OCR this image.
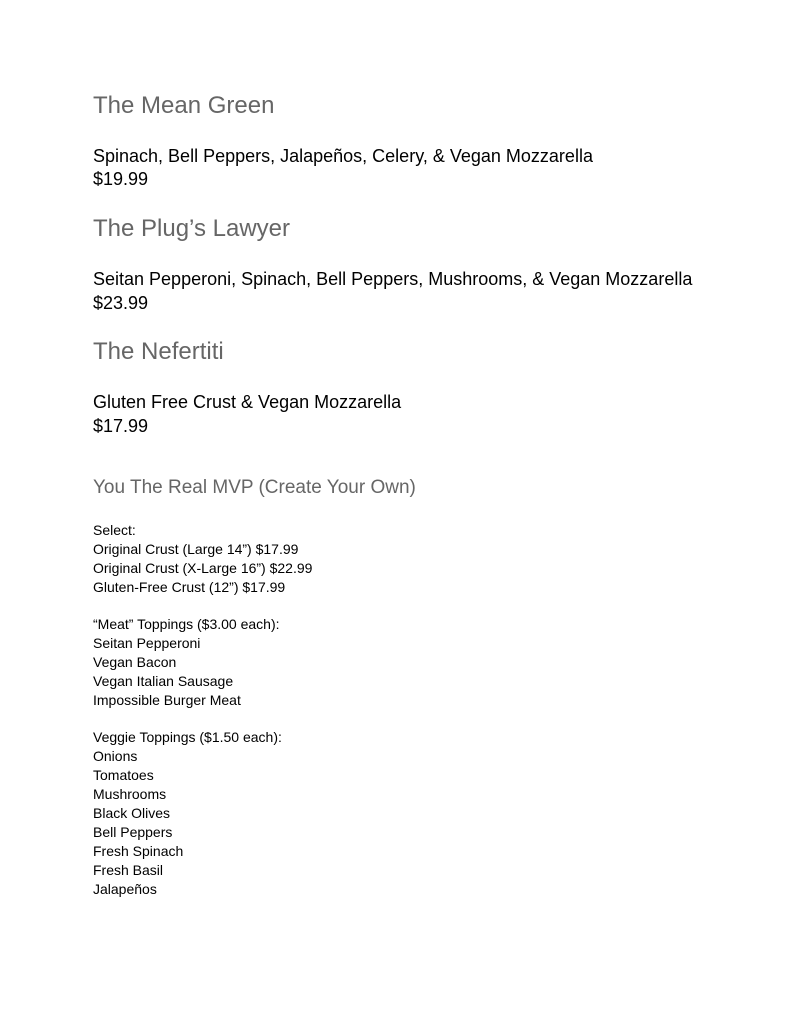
The Mean Green
Spinach, Bell Peppers, Jalapeños, Celery, & Vegan Mozzarella
$19.99
The Plug’s Lawyer
Seitan Pepperoni, Spinach, Bell Peppers, Mushrooms, & Vegan Mozzarella
$23.99
The Nefertiti
Gluten Free Crust & Vegan Mozzarella
$17.99
You The Real MVP (Create Your Own)
Select:
Original Crust (Large 14”) $17.99
Original Crust (X-Large 16”) $22.99
Gluten-Free Crust (12”) $17.99
“Meat” Toppings ($3.00 each):
Seitan Pepperoni
Vegan Bacon
Vegan Italian Sausage
Impossible Burger Meat
Veggie Toppings ($1.50 each):
Onions
Tomatoes
Mushrooms
Black Olives
Bell Peppers
Fresh Spinach
Fresh Basil
Jalapeños
